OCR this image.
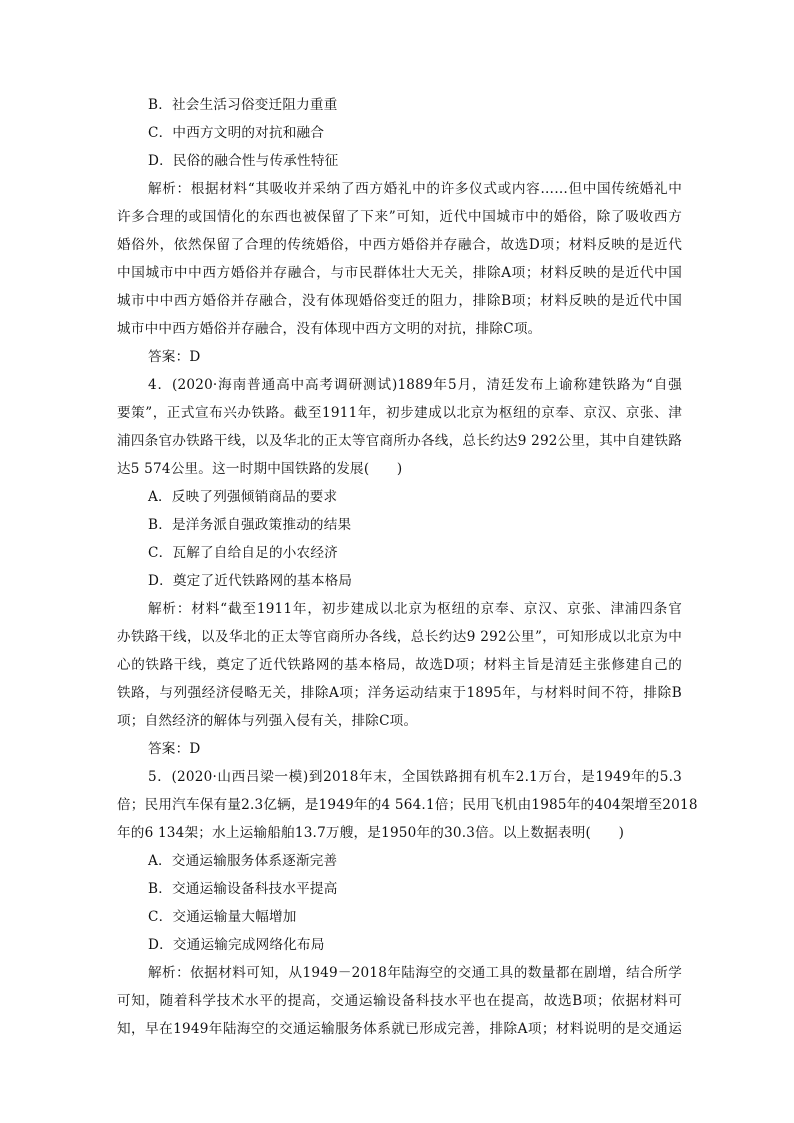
B．社会生活习俗变迁阻力重重
C．中西方文明的对抗和融合
D．民俗的融合性与传承性特征
解析：根据材料“其吸收并采纳了西方婚礼中的许多仪式或内容……但中国传统婚礼中
许多合理的或国情化的东西也被保留了下来”可知，近代中国城市中的婚俗，除了吸收西方
婚俗外，依然保留了合理的传统婚俗，中西方婚俗并存融合，故选D项；材料反映的是近代
中国城市中中西方婚俗并存融合，与市民群体壮大无关，排除A项；材料反映的是近代中国
城市中中西方婚俗并存融合，没有体现婚俗变迁的阻力，排除B项；材料反映的是近代中国
城市中中西方婚俗并存融合，没有体现中西方文明的对抗，排除C项。
答案：D
4．(2020·海南普通高中高考调研测试)1889年5月，清廷发布上谕称建铁路为“自强
要策”，正式宣布兴办铁路。截至1911年，初步建成以北京为枢纽的京奉、京汉、京张、津
浦四条官办铁路干线，以及华北的正太等官商所办各线，总长约达9 292公里，其中自建铁路
达5 574公里。这一时期中国铁路的发展(　　)
A．反映了列强倾销商品的要求
B．是洋务派自强政策推动的结果
C．瓦解了自给自足的小农经济
D．奠定了近代铁路网的基本格局
解析：材料“截至1911年，初步建成以北京为枢纽的京奉、京汉、京张、津浦四条官
办铁路干线，以及华北的正太等官商所办各线，总长约达9 292公里”，可知形成以北京为中
心的铁路干线，奠定了近代铁路网的基本格局，故选D项；材料主旨是清廷主张修建自己的
铁路，与列强经济侵略无关，排除A项；洋务运动结束于1895年，与材料时间不符，排除B
项；自然经济的解体与列强入侵有关，排除C项。
答案：D
5．(2020·山西吕梁一模)到2018年末，全国铁路拥有机车2.1万台，是1949年的5.3
倍；民用汽车保有量2.3亿辆，是1949年的4 564.1倍；民用飞机由1985年的404架增至2018
年的6 134架；水上运输船舶13.7万艘，是1950年的30.3倍。以上数据表明(　　)
A．交通运输服务体系逐渐完善
B．交通运输设备科技水平提高
C．交通运输量大幅增加
D．交通运输完成网络化布局
解析：依据材料可知，从1949－2018年陆海空的交通工具的数量都在剧增，结合所学
可知，随着科学技术水平的提高，交通运输设备科技水平也在提高，故选B项；依据材料可
知，早在1949年陆海空的交通运输服务体系就已形成完善，排除A项；材料说明的是交通运
